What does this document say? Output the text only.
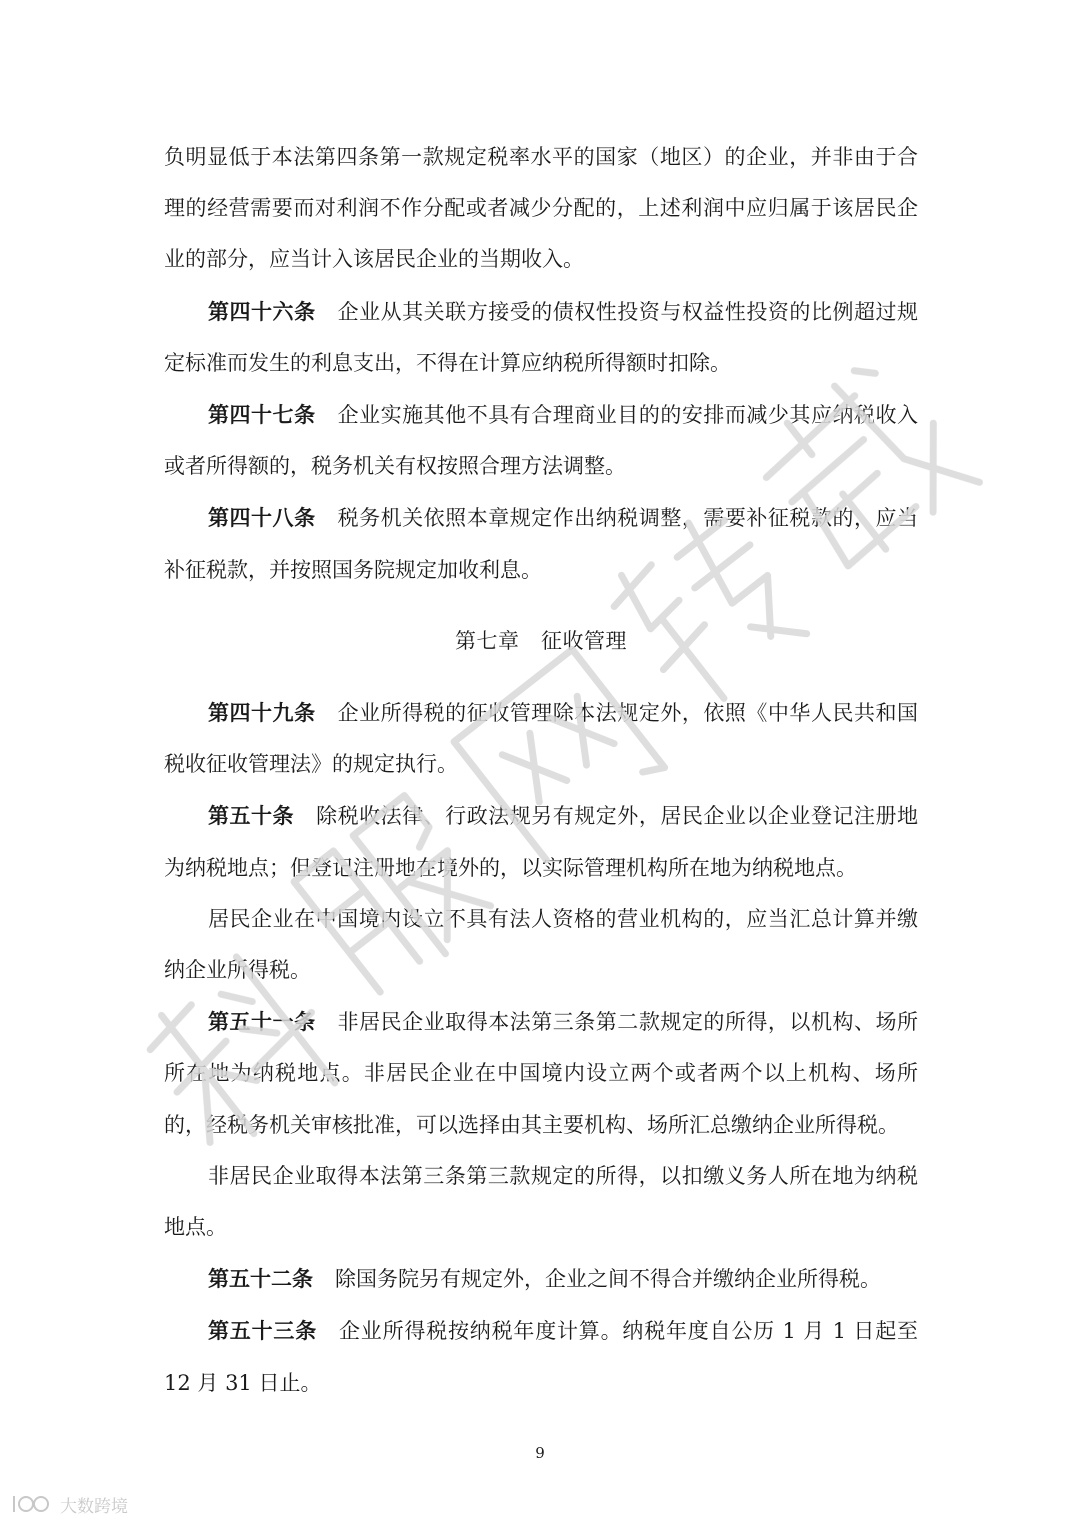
负明显低于本法第四条第一款规定税率水平的国家（地区）的企业，并非由于合理的经营需要而对利润不作分配或者减少分配的，上述利润中应归属于该居民企业的部分，应当计入该居民企业的当期收入。

第四十六条 企业从其关联方接受的债权性投资与权益性投资的比例超过规定标准而发生的利息支出，不得在计算应纳税所得额时扣除。

第四十七条 企业实施其他不具有合理商业目的的安排而减少其应纳税收入或者所得额的，税务机关有权按照合理方法调整。

第四十八条 税务机关依照本章规定作出纳税调整，需要补征税款的，应当补征税款，并按照国务院规定加收利息。

第七章　征收管理

第四十九条 企业所得税的征收管理除本法规定外，依照《中华人民共和国税收征收管理法》的规定执行。

第五十条 除税收法律、行政法规另有规定外，居民企业以企业登记注册地为纳税地点；但登记注册地在境外的，以实际管理机构所在地为纳税地点。

居民企业在中国境内设立不具有法人资格的营业机构的，应当汇总计算并缴纳企业所得税。

第五十一条 非居民企业取得本法第三条第二款规定的所得，以机构、场所所在地为纳税地点。非居民企业在中国境内设立两个或者两个以上机构、场所的，经税务机关审核批准，可以选择由其主要机构、场所汇总缴纳企业所得税。

非居民企业取得本法第三条第三款规定的所得，以扣缴义务人所在地为纳税地点。

第五十二条 除国务院另有规定外，企业之间不得合并缴纳企业所得税。

第五十三条 企业所得税按纳税年度计算。纳税年度自公历 1 月 1 日起至 12 月 31 日止。

9
大数跨境
